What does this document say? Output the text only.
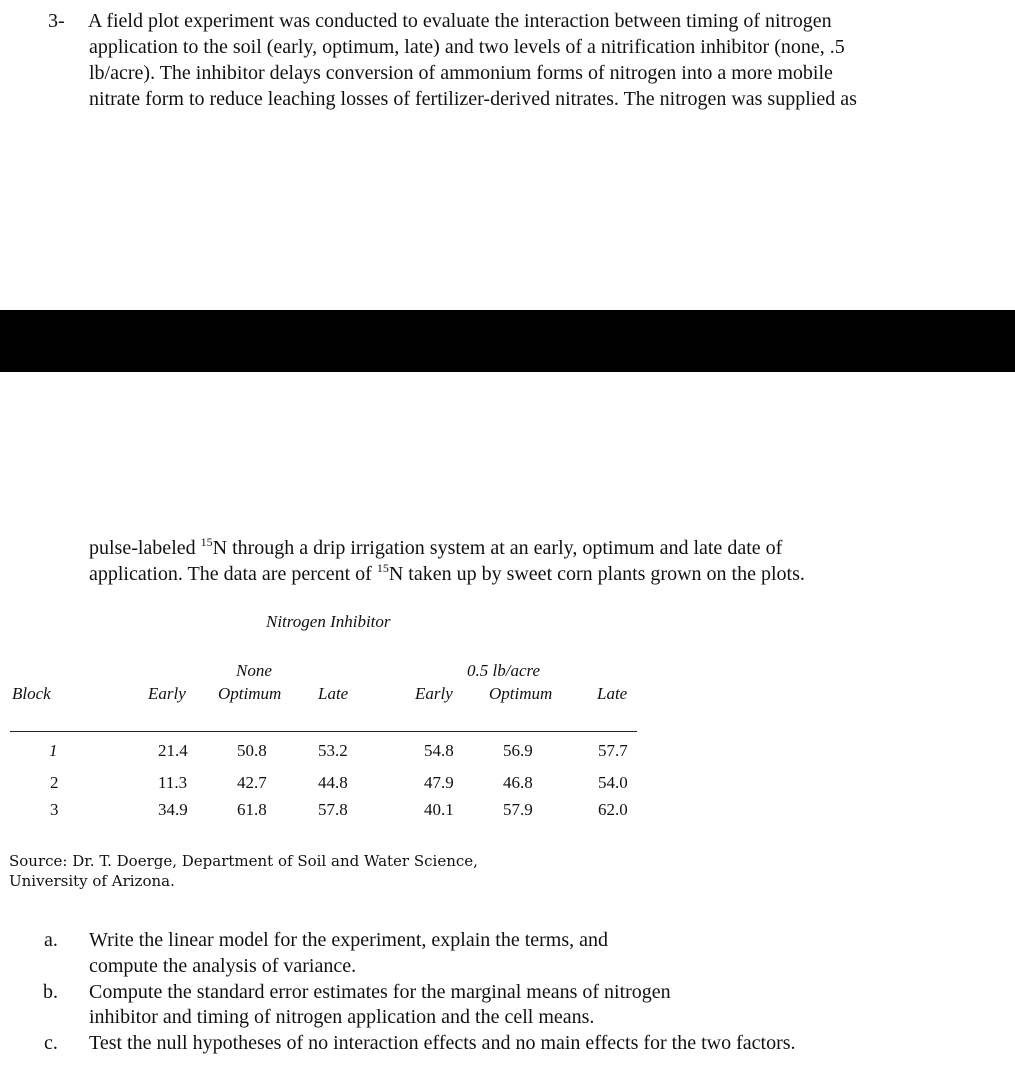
3- A field plot experiment was conducted to evaluate the interaction between timing of nitrogen
application to the soil (early, optimum, late) and two levels of a nitrification inhibitor (none, .5
lb/acre). The inhibitor delays conversion of ammonium forms of nitrogen into a more mobile
nitrate form to reduce leaching losses of fertilizer-derived nitrates. The nitrogen was supplied as
pulse-labeled $^{15}$N through a drip irrigation system at an early, optimum and late date of
application. The data are percent of $^{15}$N taken up by sweet corn plants grown on the plots.
Nitrogen Inhibitor
None	0.5 lb/acre
Block	Early Optimum Late	Early Optimum	Late
1	21.4	50.8	53.2	54.8	56.9	57.7
2	11.3	42.7	44.8	47.9	46.8	54.0
3	34.9	61.8	57.8	40.1	57.9	62.0
Source: Dr. T. Doerge, Department of Soil and Water Science,
University of Arizona.
a. Write the linear model for the experiment, explain the terms, and
compute the analysis of variance.
b. Compute the standard error estimates for the marginal means of nitrogen
inhibitor and timing of nitrogen application and the cell means.
c. Test the null hypotheses of no interaction effects and no main effects for the two factors.
